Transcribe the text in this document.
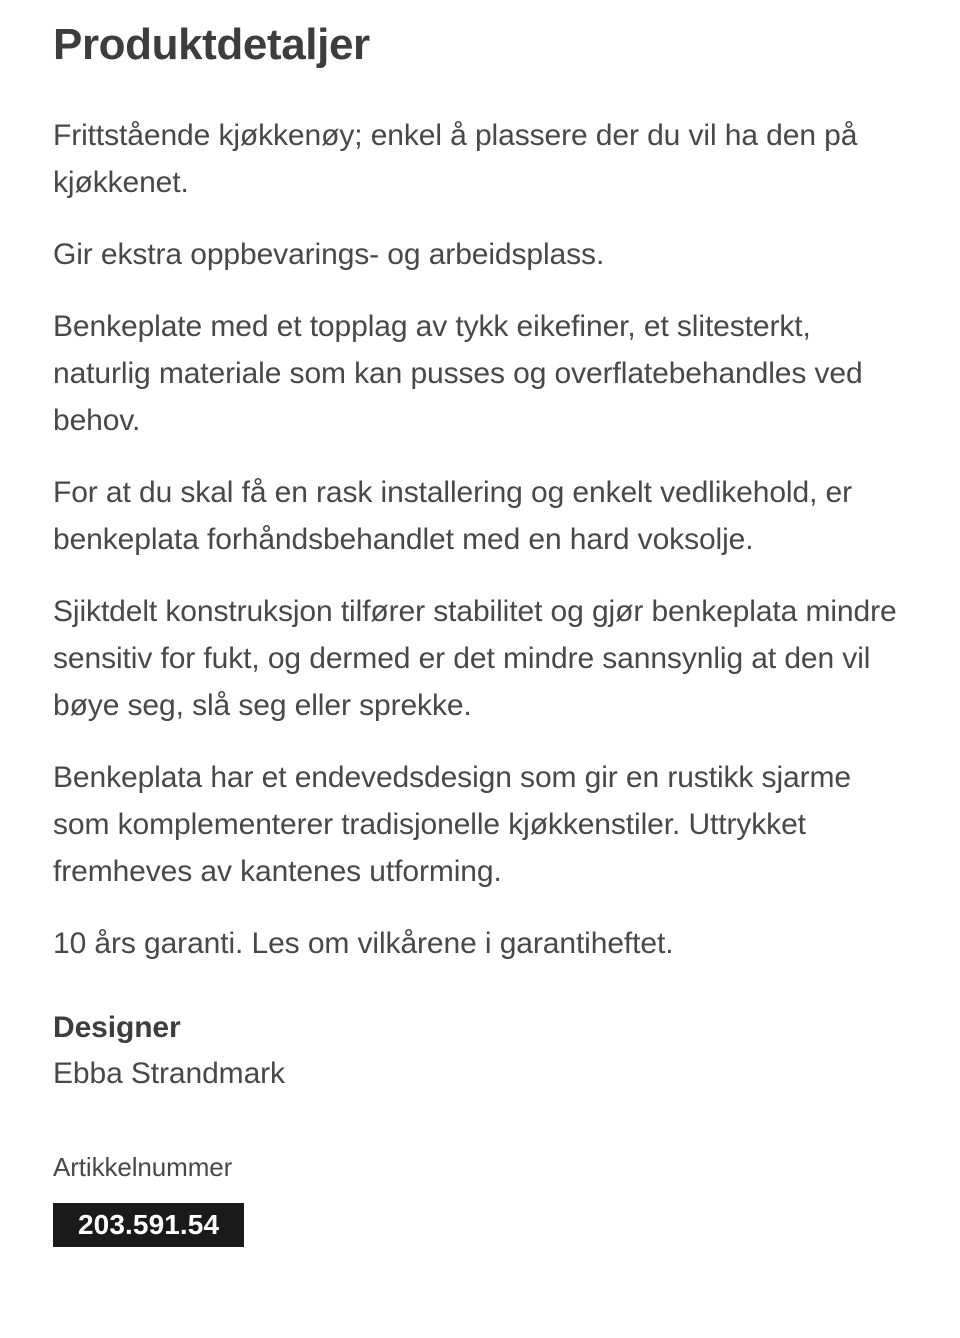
Produktdetaljer

Frittstående kjøkkenøy; enkel å plassere der du vil ha den på kjøkkenet.

Gir ekstra oppbevarings- og arbeidsplass.

Benkeplate med et topplag av tykk eikefiner, et slitesterkt, naturlig materiale som kan pusses og overflatebehandles ved behov.

For at du skal få en rask installering og enkelt vedlikehold, er benkeplata forhåndsbehandlet med en hard voksolje.

Sjiktdelt konstruksjon tilfører stabilitet og gjør benkeplata mindre sensitiv for fukt, og dermed er det mindre sannsynlig at den vil bøye seg, slå seg eller sprekke.

Benkeplata har et endevedsdesign som gir en rustikk sjarme som komplementerer tradisjonelle kjøkkenstiler. Uttrykket fremheves av kantenes utforming.

10 års garanti. Les om vilkårene i garantiheftet.

Designer
Ebba Strandmark
Artikkelnummer
203.591.54
